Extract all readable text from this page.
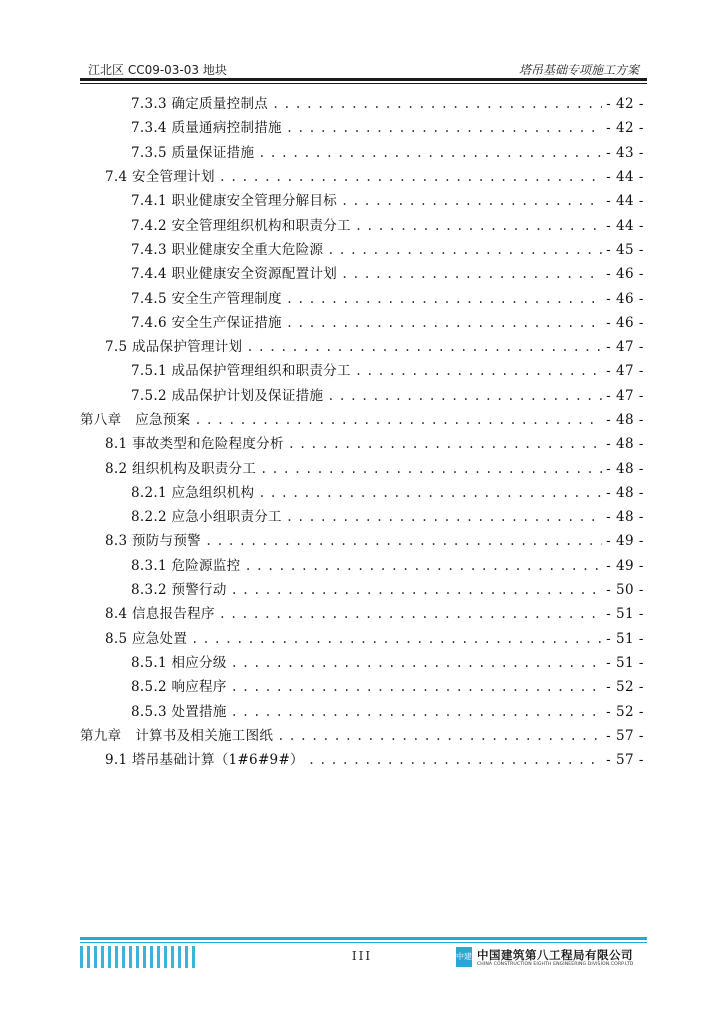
江北区 CC09-03-03 地块	塔吊基础专项施工方案
7.3.3 确定质量控制点 . . .	- 42 -
7.3.4 质量通病控制措施 . . .	- 42 -
7.3.5 质量保证措施 . . .	- 43 -
7.4 安全管理计划 . . .	- 44 -
7.4.1 职业健康安全管理分解目标 . . .	- 44 -
7.4.2 安全管理组织机构和职责分工 . . .	- 44 -
7.4.3 职业健康安全重大危险源 . . .	- 45 -
7.4.4 职业健康安全资源配置计划 . . .	- 46 -
7.4.5 安全生产管理制度 . . .	- 46 -
7.4.6 安全生产保证措施 . . .	- 46 -
7.5 成品保护管理计划 . . .	- 47 -
7.5.1 成品保护管理组织和职责分工 . . .	- 47 -
7.5.2 成品保护计划及保证措施 . . .	- 47 -
第八章　应急预案 . . .	- 48 -
8.1 事故类型和危险程度分析 . . .	- 48 -
8.2 组织机构及职责分工 . . .	- 48 -
8.2.1 应急组织机构 . . .	- 48 -
8.2.2 应急小组职责分工 . . .	- 48 -
8.3 预防与预警 . . .	- 49 -
8.3.1 危险源监控 . . .	- 49 -
8.3.2 预警行动 . . .	- 50 -
8.4 信息报告程序 . . .	- 51 -
8.5 应急处置 . . .	- 51 -
8.5.1 相应分级 . . .	- 51 -
8.5.2 响应程序 . . .	- 52 -
8.5.3 处置措施 . . .	- 52 -
第九章　计算书及相关施工图纸 . . .	- 57 -
9.1 塔吊基础计算（1#6#9#） . . .	- 57 -
III	中建 中国建筑第八工程局有限公司
CHINA CONSTRUCTION EIGHTH ENGINEERING DIVISION.CORP.LTD
